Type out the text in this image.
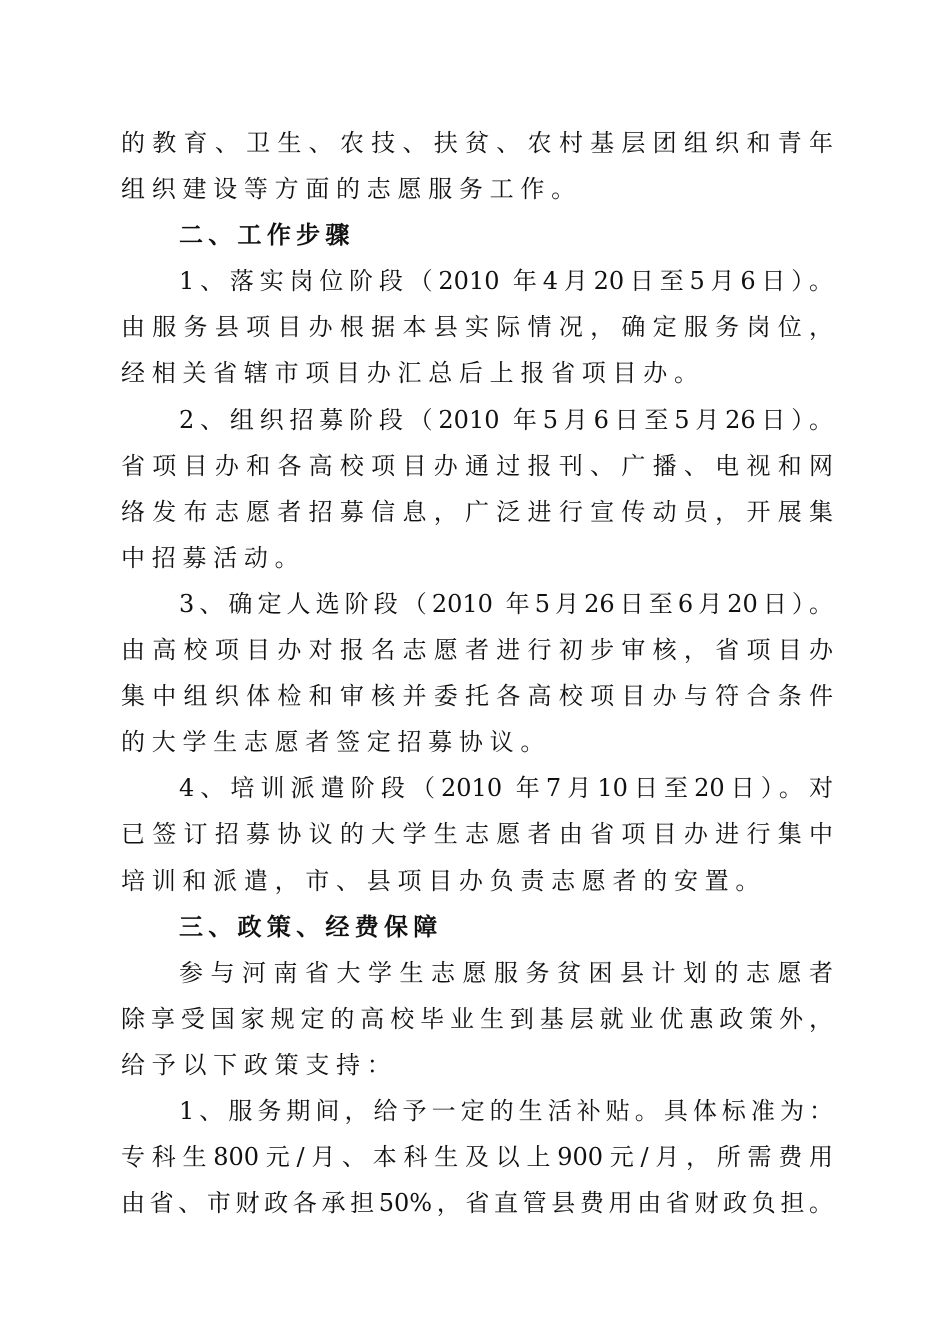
的教育、卫生、农技、扶贫、农村基层团组织和青年
组织建设等方面的志愿服务工作。
二、工作步骤
1、落实岗位阶段（2010 年4月20日至5月6日）。
由服务县项目办根据本县实际情况，确定服务岗位，
经相关省辖市项目办汇总后上报省项目办。
2、组织招募阶段（2010 年5月6日至5月26日）。
省项目办和各高校项目办通过报刊、广播、电视和网
络发布志愿者招募信息，广泛进行宣传动员，开展集
中招募活动。
3、确定人选阶段（2010 年5月26日至6月20日）。
由高校项目办对报名志愿者进行初步审核，省项目办
集中组织体检和审核并委托各高校项目办与符合条件
的大学生志愿者签定招募协议。
4、培训派遣阶段（2010 年7月10日至20日）。对
已签订招募协议的大学生志愿者由省项目办进行集中
培训和派遣，市、县项目办负责志愿者的安置。
三、政策、经费保障
参与河南省大学生志愿服务贫困县计划的志愿者
除享受国家规定的高校毕业生到基层就业优惠政策外，
给予以下政策支持：
1、服务期间，给予一定的生活补贴。具体标准为：
专科生800元/月、本科生及以上900元/月，所需费用
由省、市财政各承担50%，省直管县费用由省财政负担。
